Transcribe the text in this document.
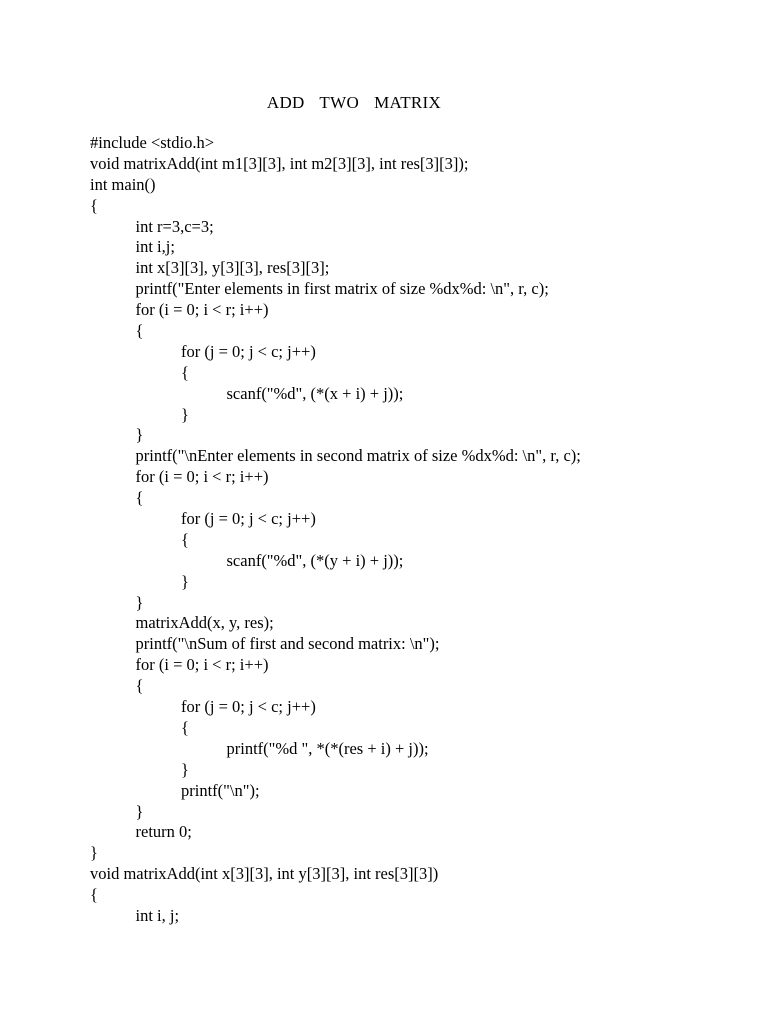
ADD  TWO  MATRIX
#include <stdio.h>
void matrixAdd(int m1[3][3], int m2[3][3], int res[3][3]);
int main()
{
int r=3,c=3;
int i,j;
int x[3][3], y[3][3], res[3][3];
printf("Enter elements in first matrix of size %dx%d: \n", r, c);
for (i = 0; i < r; i++)
{
for (j = 0; j < c; j++)
{
scanf("%d", (*(x + i) + j));
}
}
printf("\nEnter elements in second matrix of size %dx%d: \n", r, c);
for (i = 0; i < r; i++)
{
for (j = 0; j < c; j++)
{
scanf("%d", (*(y + i) + j));
}
}
matrixAdd(x, y, res);
printf("\nSum of first and second matrix: \n");
for (i = 0; i < r; i++)
{
for (j = 0; j < c; j++)
{
printf("%d ", *(*(res + i) + j));
}
printf("\n");
}
return 0;
}
void matrixAdd(int x[3][3], int y[3][3], int res[3][3])
{
int i, j;
